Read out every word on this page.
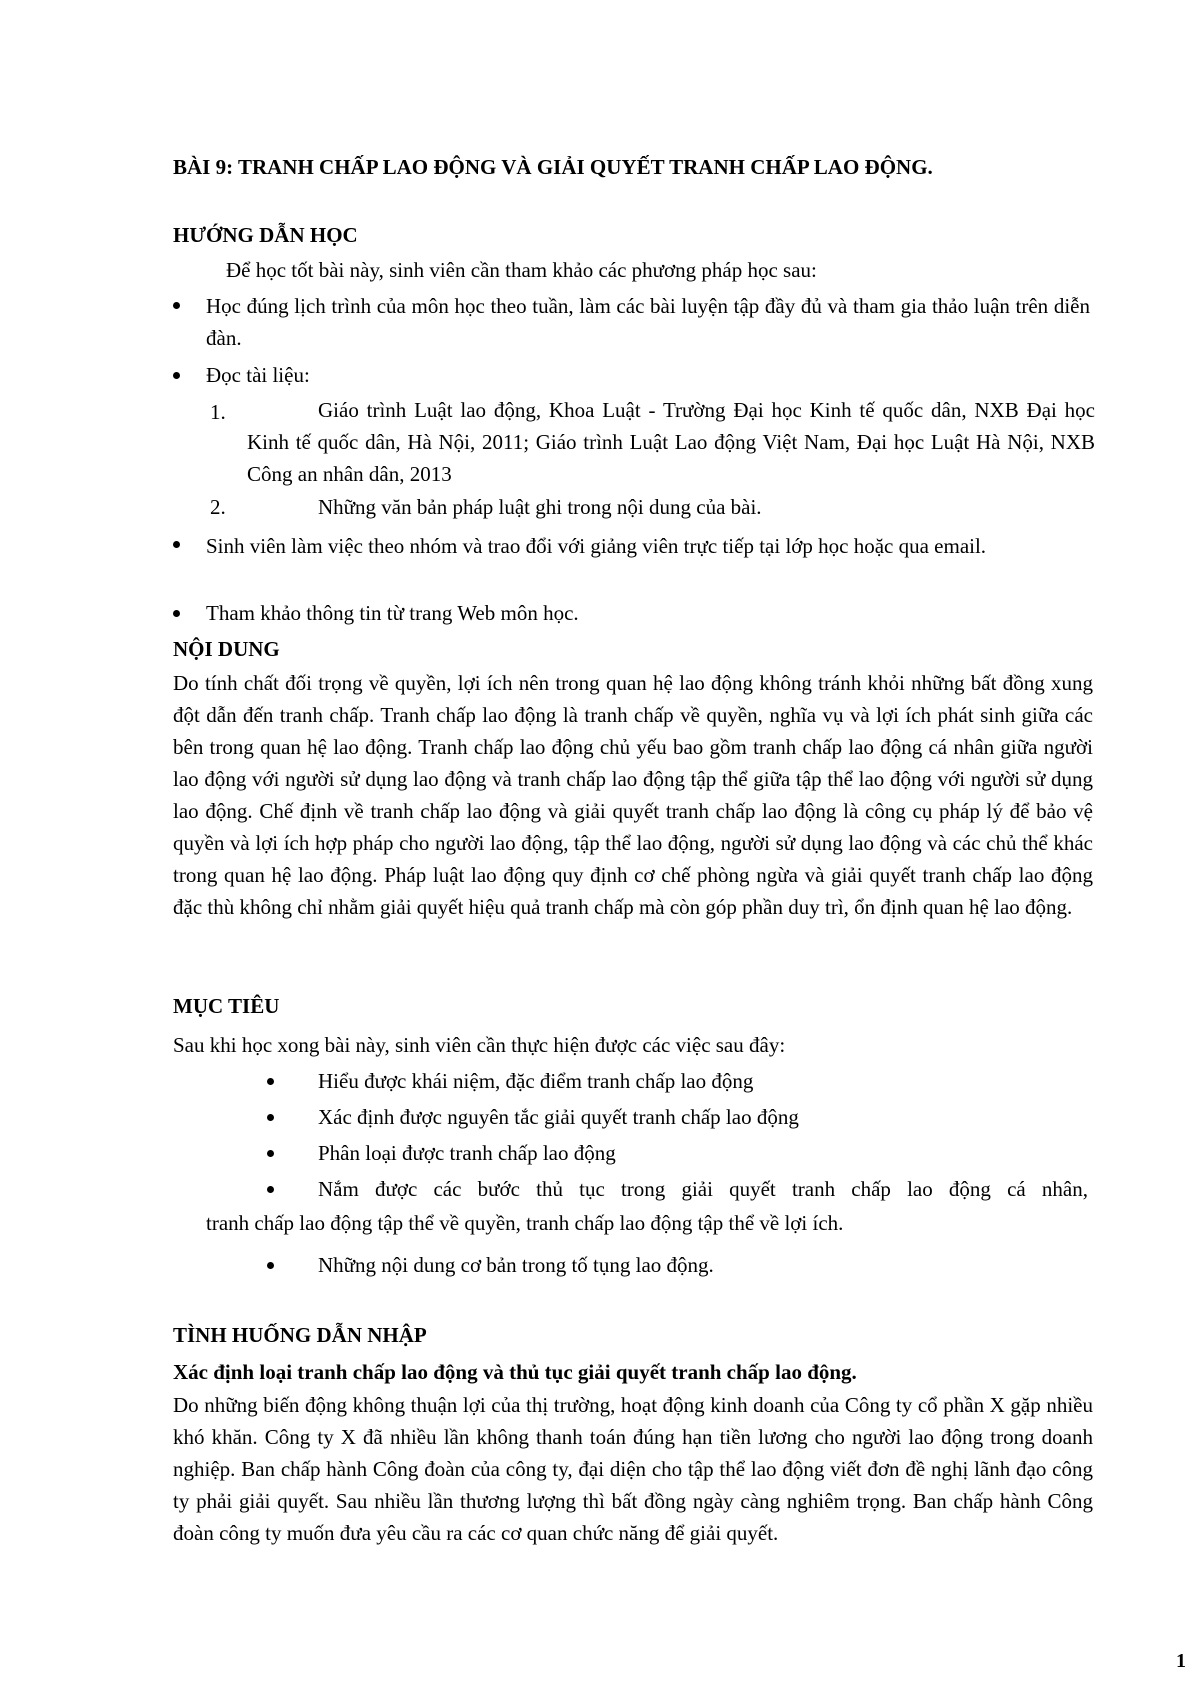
BÀI 9: TRANH CHẤP LAO ĐỘNG VÀ GIẢI QUYẾT TRANH CHẤP LAO ĐỘNG.
HƯỚNG DẪN HỌC
Để học tốt bài này, sinh viên cần tham khảo các phương pháp học sau:
Học đúng lịch trình của môn học theo tuần, làm các bài luyện tập đầy đủ và tham gia thảo luận trên diễn đàn.
Đọc tài liệu:
1.	Giáo trình Luật lao động, Khoa Luật - Trường Đại học Kinh tế quốc dân, NXB Đại học Kinh tế quốc dân, Hà Nội, 2011; Giáo trình Luật Lao động Việt Nam, Đại học Luật Hà Nội, NXB Công an nhân dân, 2013
2.	Những văn bản pháp luật ghi trong nội dung của bài.
Sinh viên làm việc theo nhóm và trao đổi với giảng viên trực tiếp tại lớp học hoặc qua email.
Tham khảo thông tin từ trang Web môn học.
NỘI DUNG
Do tính chất đối trọng về quyền, lợi ích nên trong quan hệ lao động không tránh khỏi những bất đồng xung đột dẫn đến tranh chấp. Tranh chấp lao động là tranh chấp về quyền, nghĩa vụ và lợi ích phát sinh giữa các bên trong quan hệ lao động. Tranh chấp lao động chủ yếu bao gồm tranh chấp lao động cá nhân giữa người lao động với người sử dụng lao động và tranh chấp lao động tập thể giữa tập thể lao động với người sử dụng lao động. Chế định về tranh chấp lao động và giải quyết tranh chấp lao động là công cụ pháp lý để bảo vệ quyền và lợi ích hợp pháp cho người lao động, tập thể lao động, người sử dụng lao động và các chủ thể khác trong quan hệ lao động. Pháp luật lao động quy định cơ chế phòng ngừa và giải quyết tranh chấp lao động đặc thù không chỉ nhằm giải quyết hiệu quả tranh chấp mà còn góp phần duy trì, ổn định quan hệ lao động.
MỤC TIÊU
Sau khi học xong bài này, sinh viên cần thực hiện được các việc sau đây:
Hiểu được khái niệm, đặc điểm tranh chấp lao động
Xác định được nguyên tắc giải quyết tranh chấp lao động
Phân loại được tranh chấp lao động
Nắm được các bước thủ tục trong giải quyết tranh chấp lao động cá nhân,
tranh chấp lao động tập thể về quyền, tranh chấp lao động tập thể về lợi ích.
Những nội dung cơ bản trong tố tụng lao động.
TÌNH HUỐNG DẪN NHẬP
Xác định loại tranh chấp lao động và thủ tục giải quyết tranh chấp lao động.
Do những biến động không thuận lợi của thị trường, hoạt động kinh doanh của Công ty cổ phần X gặp nhiều khó khăn. Công ty X đã nhiều lần không thanh toán đúng hạn tiền lương cho người lao động trong doanh nghiệp. Ban chấp hành Công đoàn của công ty, đại diện cho tập thể lao động viết đơn đề nghị lãnh đạo công ty phải giải quyết. Sau nhiều lần thương lượng thì bất đồng ngày càng nghiêm trọng. Ban chấp hành Công đoàn công ty muốn đưa yêu cầu ra các cơ quan chức năng để giải quyết.
1
